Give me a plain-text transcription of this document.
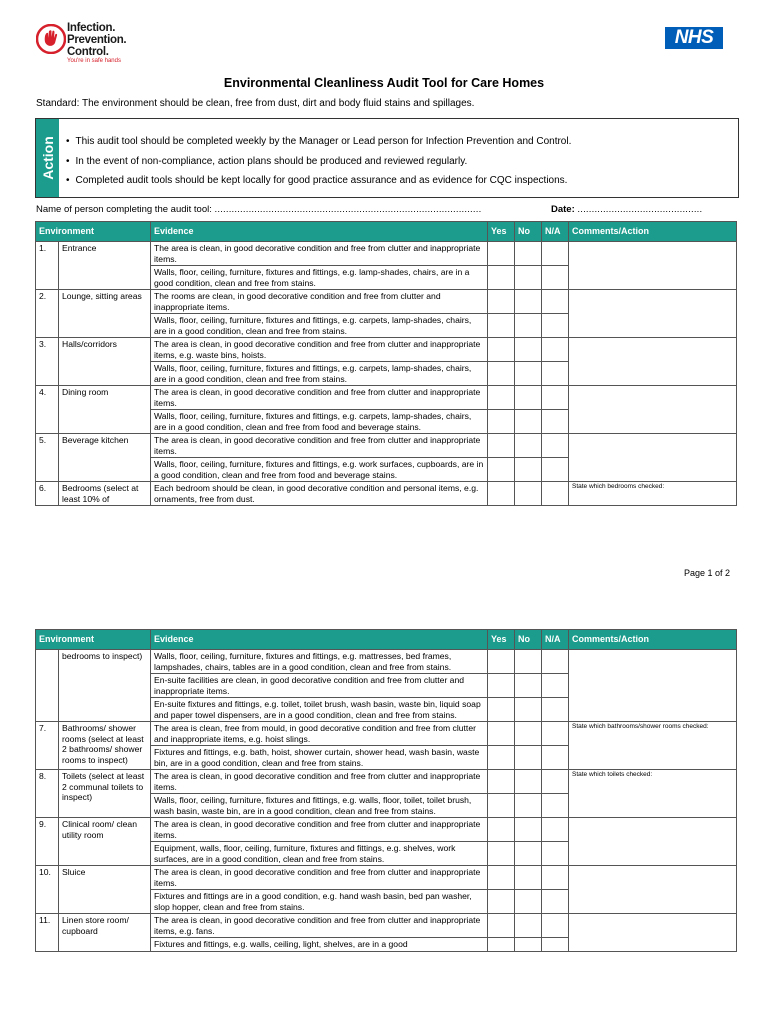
Infection.
Prevention.
Control.
You're in safe hands
NHS
Environmental Cleanliness Audit Tool for Care Homes
Standard: The environment should be clean, free from dust, dirt and body fluid stains and spillages.
Action	• This audit tool should be completed weekly by the Manager or Lead person for Infection Prevention and Control.
• In the event of non-compliance, action plans should be produced and reviewed regularly.
• Completed audit tools should be kept locally for good practice assurance and as evidence for CQC inspections.
Name of person completing the audit tool: ..............................................................................................	Date: ............................................
Environment		Evidence	Yes	No	N/A	Comments/Action
1.	Entrance	The area is clean, in good decorative condition and free from clutter and inappropriate items.				
		Walls, floor, ceiling, furniture, fixtures and fittings, e.g. lamp-shades, chairs, are in a good condition, clean and free from stains.				
2.	Lounge, sitting areas	The rooms are clean, in good decorative condition and free from clutter and inappropriate items.				
		Walls, floor, ceiling, furniture, fixtures and fittings, e.g. carpets, lamp-shades, chairs, are in a good condition, clean and free from stains.				
3.	Halls/corridors	The area is clean, in good decorative condition and free from clutter and inappropriate items, e.g. waste bins, hoists.				
		Walls, floor, ceiling, furniture, fixtures and fittings, e.g. carpets, lamp-shades, chairs, are in a good condition, clean and free from stains.				
4.	Dining room	The area is clean, in good decorative condition and free from clutter and inappropriate items.				
		Walls, floor, ceiling, furniture, fixtures and fittings, e.g. carpets, lamp-shades, chairs, are in a good condition, clean and free from food and beverage stains.				
5.	Beverage kitchen	The area is clean, in good decorative condition and free from clutter and inappropriate items.				
		Walls, floor, ceiling, furniture, fixtures and fittings, e.g. work surfaces, cupboards, are in a good condition, clean and free from food and beverage stains.				
6.	Bedrooms (select at least 10% of	Each bedroom should be clean, in good decorative condition and personal items, e.g. ornaments, free from dust.				State which bedrooms checked:
Page 1 of 2
Environment		Evidence	Yes	No	N/A	Comments/Action
	bedrooms to inspect)	Walls, floor, ceiling, furniture, fixtures and fittings, e.g. mattresses, bed frames, lampshades, chairs, tables are in a good condition, clean and free from stains.				
		En-suite facilities are clean, in good decorative condition and free from clutter and inappropriate items.				
		En-suite fixtures and fittings, e.g. toilet, toilet brush, wash basin, waste bin, liquid soap and paper towel dispensers, are in a good condition, clean and free from stains.				
7.	Bathrooms/ shower rooms (select at least 2 bathrooms/ shower rooms to inspect)	The area is clean, free from mould, in good decorative condition and free from clutter and inappropriate items, e.g. hoist slings.				State which bathrooms/shower rooms checked:

		Fixtures and fittings, e.g. bath, hoist, shower curtain, shower head, wash basin, waste bin, are in a good condition, clean and free from stains.				
8.	Toilets (select at least 2 communal toilets to inspect)	The area is clean, in good decorative condition and free from clutter and inappropriate items.				State which toilets checked:

		Walls, floor, ceiling, furniture, fixtures and fittings, e.g. walls, floor, toilet, toilet brush, wash basin, waste bin, are in a good condition, clean and free from stains.				
9.	Clinical room/ clean utility room	The area is clean, in good decorative condition and free from clutter and inappropriate items.				
		Equipment, walls, floor, ceiling, furniture, fixtures and fittings, e.g. shelves, work surfaces, are in a good condition, clean and free from stains.				
10.	Sluice	The area is clean, in good decorative condition and free from clutter and inappropriate items.				
		Fixtures and fittings are in a good condition, e.g. hand wash basin, bed pan washer, slop hopper, clean and free from stains.				
11.	Linen store room/ cupboard	The area is clean, in good decorative condition and free from clutter and inappropriate items, e.g. fans.				
		Fixtures and fittings, e.g. walls, ceiling, light, shelves, are in a good				
